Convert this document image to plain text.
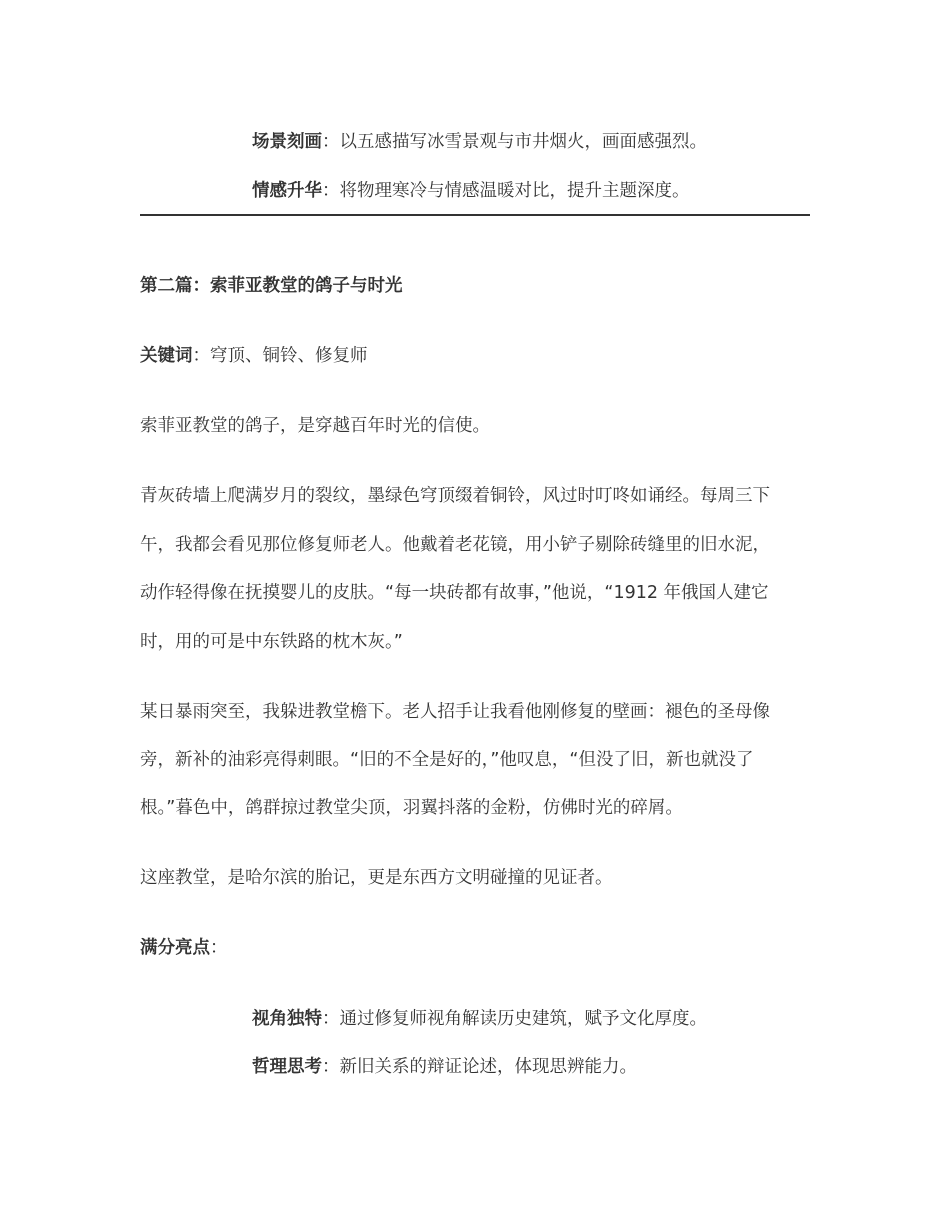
场景刻画：以五感描写冰雪景观与市井烟火，画面感强烈。
情感升华：将物理寒冷与情感温暖对比，提升主题深度。
第二篇：索菲亚教堂的鸽子与时光
关键词：穹顶、铜铃、修复师
索菲亚教堂的鸽子，是穿越百年时光的信使。
青灰砖墙上爬满岁月的裂纹，墨绿色穹顶缀着铜铃，风过时叮咚如诵经。每周三下
午，我都会看见那位修复师老人。他戴着老花镜，用小铲子剔除砖缝里的旧水泥，
动作轻得像在抚摸婴儿的皮肤。“每一块砖都有故事，”他说，“1912 年俄国人建它
时，用的可是中东铁路的枕木灰。”
某日暴雨突至，我躲进教堂檐下。老人招手让我看他刚修复的壁画：褪色的圣母像
旁，新补的油彩亮得刺眼。“旧的不全是好的，”他叹息，“但没了旧，新也就没了
根。”暮色中，鸽群掠过教堂尖顶，羽翼抖落的金粉，仿佛时光的碎屑。
这座教堂，是哈尔滨的胎记，更是东西方文明碰撞的见证者。
满分亮点：
视角独特：通过修复师视角解读历史建筑，赋予文化厚度。
哲理思考：新旧关系的辩证论述，体现思辨能力。
